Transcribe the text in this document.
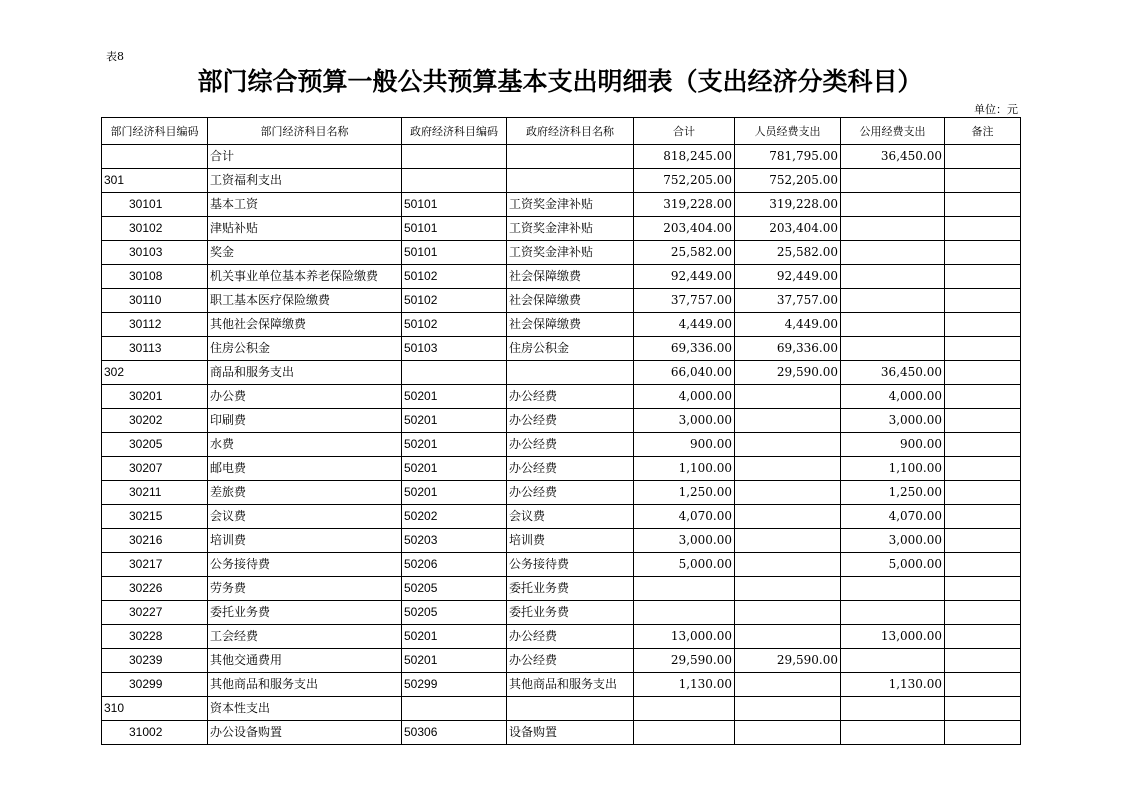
表8
部门综合预算一般公共预算基本支出明细表（支出经济分类科目）
单位：元
部门经济科目编码	部门经济科目名称	政府经济科目编码	政府经济科目名称	合计	人员经费支出	公用经费支出	备注
	合计			818,245.00	781,795.00	36,450.00	
301	工资福利支出			752,205.00	752,205.00		
30101	基本工资	50101	工资奖金津补贴	319,228.00	319,228.00		
30102	津贴补贴	50101	工资奖金津补贴	203,404.00	203,404.00		
30103	奖金	50101	工资奖金津补贴	25,582.00	25,582.00		
30108	机关事业单位基本养老保险缴费	50102	社会保障缴费	92,449.00	92,449.00		
30110	职工基本医疗保险缴费	50102	社会保障缴费	37,757.00	37,757.00		
30112	其他社会保障缴费	50102	社会保障缴费	4,449.00	4,449.00		
30113	住房公积金	50103	住房公积金	69,336.00	69,336.00		
302	商品和服务支出			66,040.00	29,590.00	36,450.00	
30201	办公费	50201	办公经费	4,000.00		4,000.00	
30202	印刷费	50201	办公经费	3,000.00		3,000.00	
30205	水费	50201	办公经费	900.00		900.00	
30207	邮电费	50201	办公经费	1,100.00		1,100.00	
30211	差旅费	50201	办公经费	1,250.00		1,250.00	
30215	会议费	50202	会议费	4,070.00		4,070.00	
30216	培训费	50203	培训费	3,000.00		3,000.00	
30217	公务接待费	50206	公务接待费	5,000.00		5,000.00	
30226	劳务费	50205	委托业务费				
30227	委托业务费	50205	委托业务费				
30228	工会经费	50201	办公经费	13,000.00		13,000.00	
30239	其他交通费用	50201	办公经费	29,590.00	29,590.00		
30299	其他商品和服务支出	50299	其他商品和服务支出	1,130.00		1,130.00	
310	资本性支出						
31002	办公设备购置	50306	设备购置				
